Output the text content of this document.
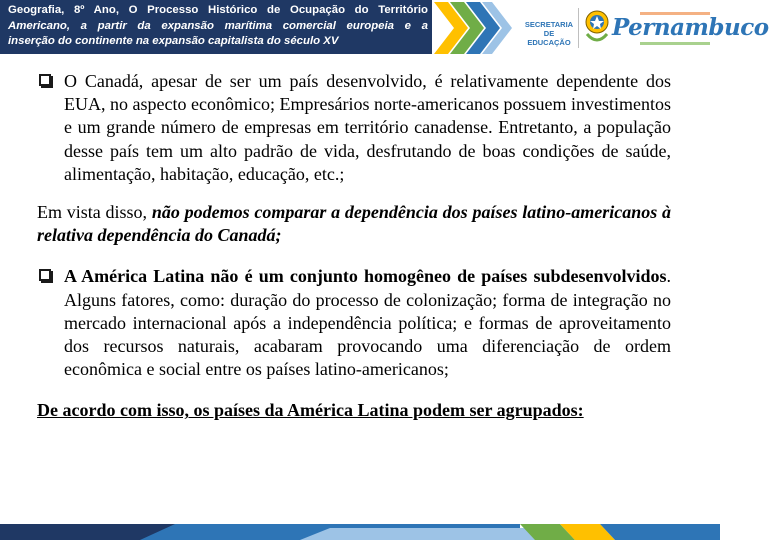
Geografia, 8º Ano, O Processo Histórico de Ocupação do Território
Americano, a partir da expansão marítima comercial europeia e a
inserção do continente na expansão capitalista do século XV
SECRETARIA
DE EDUCAÇÃO
Pernambuco
O Canadá, apesar de ser um país desenvolvido, é relativamente dependente dos EUA, no aspecto econômico; Empresários norte-americanos possuem investimentos e um grande número de empresas em território canadense. Entretanto, a população desse país tem um alto padrão de vida, desfrutando de boas condições de saúde, alimentação, habitação, educação, etc.;
Em vista disso, não podemos comparar a dependência dos países latino-americanos à relativa dependência do Canadá;
A América Latina não é um conjunto homogêneo de países subdesenvolvidos. Alguns fatores, como: duração do processo de colonização; forma de integração no mercado internacional após a independência política; e formas de aproveitamento dos recursos naturais, acabaram provocando uma diferenciação de ordem econômica e social entre os países latino-americanos;
De acordo com isso, os países da América Latina podem ser agrupados:
